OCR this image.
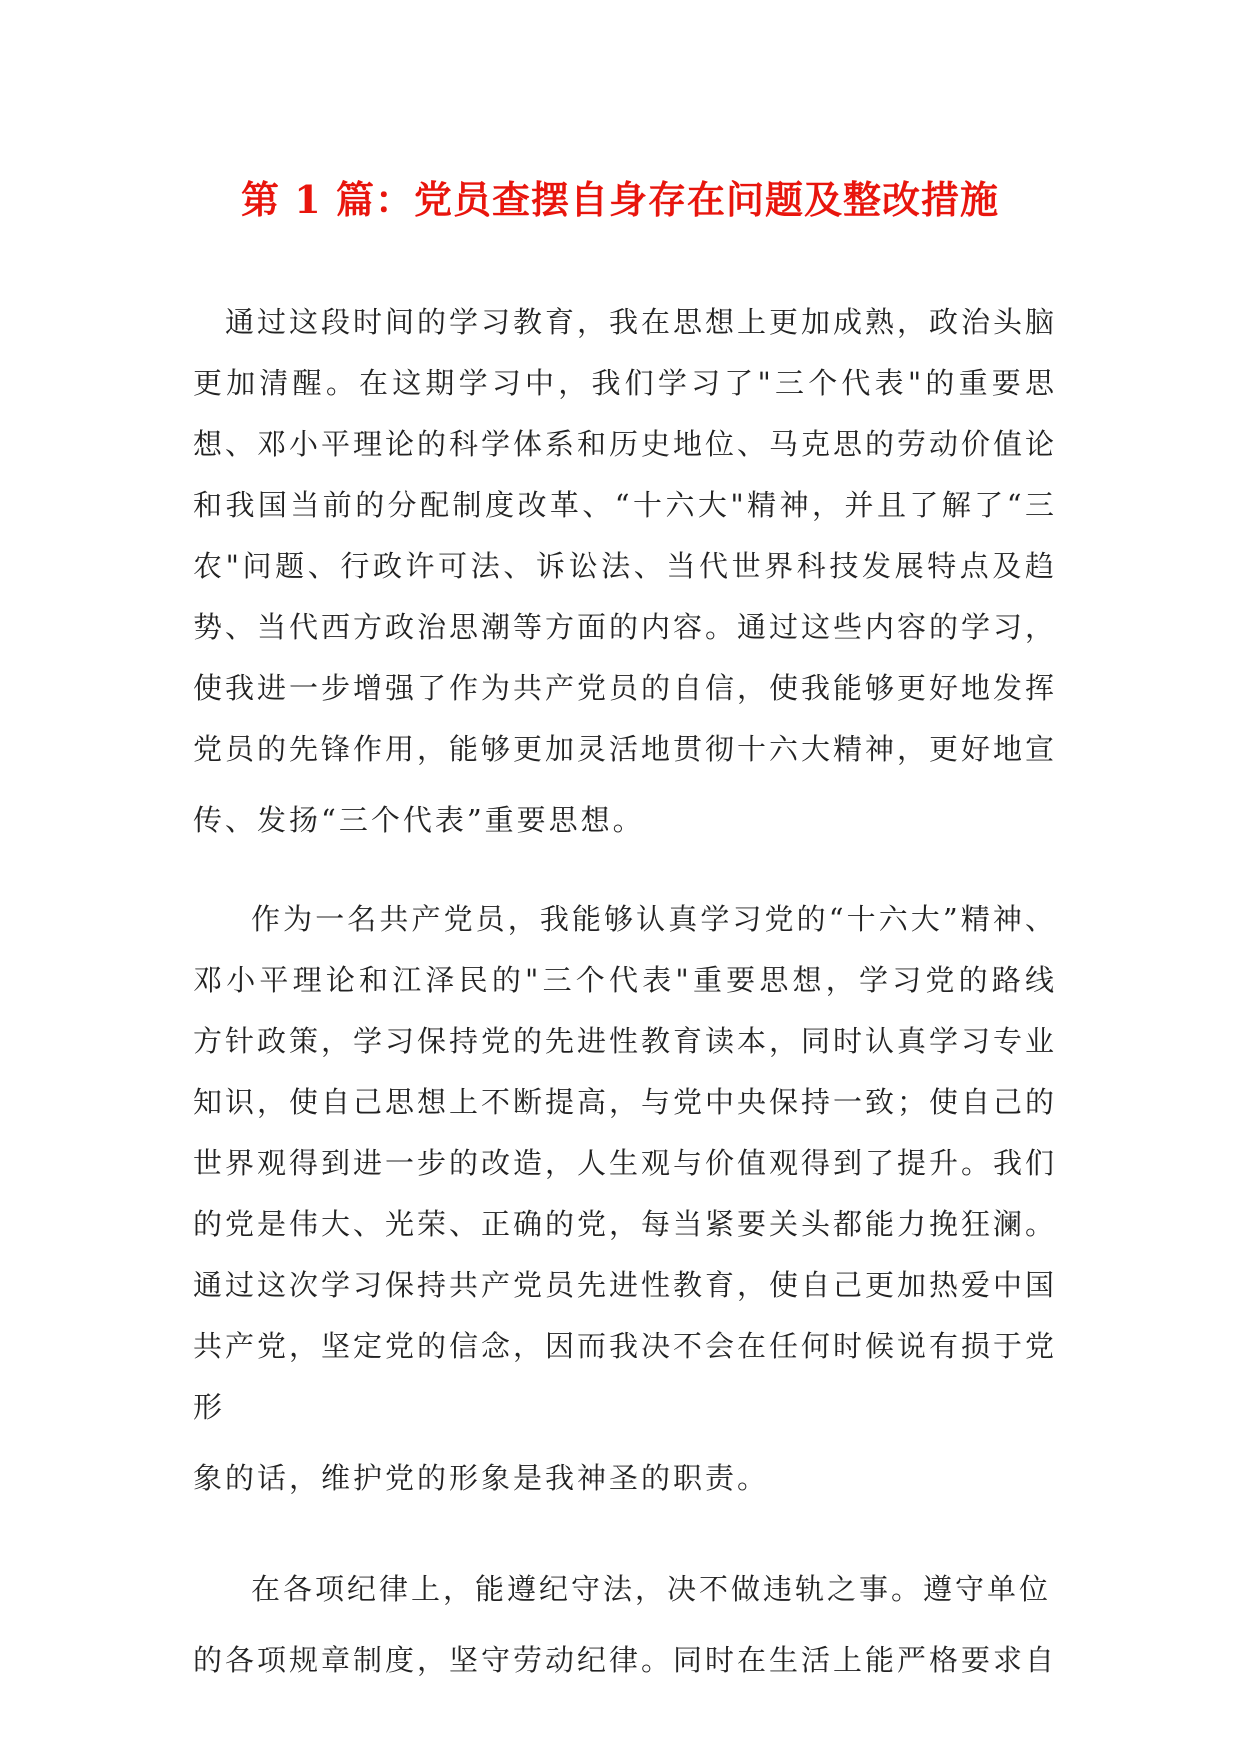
第 1 篇：党员查摆自身存在问题及整改措施

通过这段时间的学习教育，我在思想上更加成熟，政治头脑更加清醒。在这期学习中，我们学习了"三个代表"的重要思想、邓小平理论的科学体系和历史地位、马克思的劳动价值论和我国当前的分配制度改革、“十六大"精神，并且了解了“三农"问题、行政许可法、诉讼法、当代世界科技发展特点及趋势、当代西方政治思潮等方面的内容。通过这些内容的学习，使我进一步增强了作为共产党员的自信，使我能够更好地发挥党员的先锋作用，能够更加灵活地贯彻十六大精神，更好地宣
传、发扬“三个代表”重要思想。

作为一名共产党员，我能够认真学习党的“十六大”精神、邓小平理论和江泽民的"三个代表"重要思想，学习党的路线方针政策，学习保持党的先进性教育读本，同时认真学习专业知识，使自己思想上不断提高，与党中央保持一致；使自己的世界观得到进一步的改造，人生观与价值观得到了提升。我们的党是伟大、光荣、正确的党，每当紧要关头都能力挽狂澜。通过这次学习保持共产党员先进性教育，使自己更加热爱中国共产党，坚定党的信念，因而我决不会在任何时候说有损于党形
象的话，维护党的形象是我神圣的职责。

在各项纪律上，能遵纪守法，决不做违轨之事。遵守单位
的各项规章制度，坚守劳动纪律。同时在生活上能严格要求自
